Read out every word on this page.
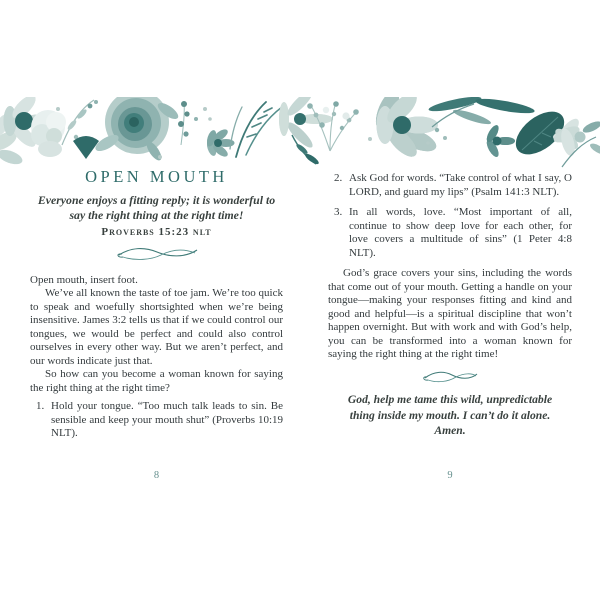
OPEN MOUTH

Everyone enjoys a fitting reply; it is wonderful to say the right thing at the right time!

Proverbs 15:23 nlt

Open mouth, insert foot.

We’ve all known the taste of toe jam. We’re too quick to speak and woefully shortsighted when we’re being insensitive. James 3:2 tells us that if we could control our tongues, we would be perfect and could also control ourselves in every other way. But we aren’t perfect, and our words indicate just that.

So how can you become a woman known for saying the right thing at the right time?

1. Hold your tongue. “Too much talk leads to sin. Be sensible and keep your mouth shut” (Proverbs 10:19 NLT).
8
2. Ask God for words. “Take control of what I say, O LORD, and guard my lips” (Psalm 141:3 NLT).
3. In all words, love. “Most important of all, continue to show deep love for each other, for love covers a multitude of sins” (1 Peter 4:8 NLT).

God’s grace covers your sins, including the words that come out of your mouth. Getting a handle on your tongue—making your responses fitting and kind and good and helpful—is a spiritual discipline that won’t happen overnight. But with work and with God’s help, you can be transformed into a woman known for saying the right thing at the right time!

God, help me tame this wild, unpredictable thing inside my mouth. I can’t do it alone. Amen.

9
